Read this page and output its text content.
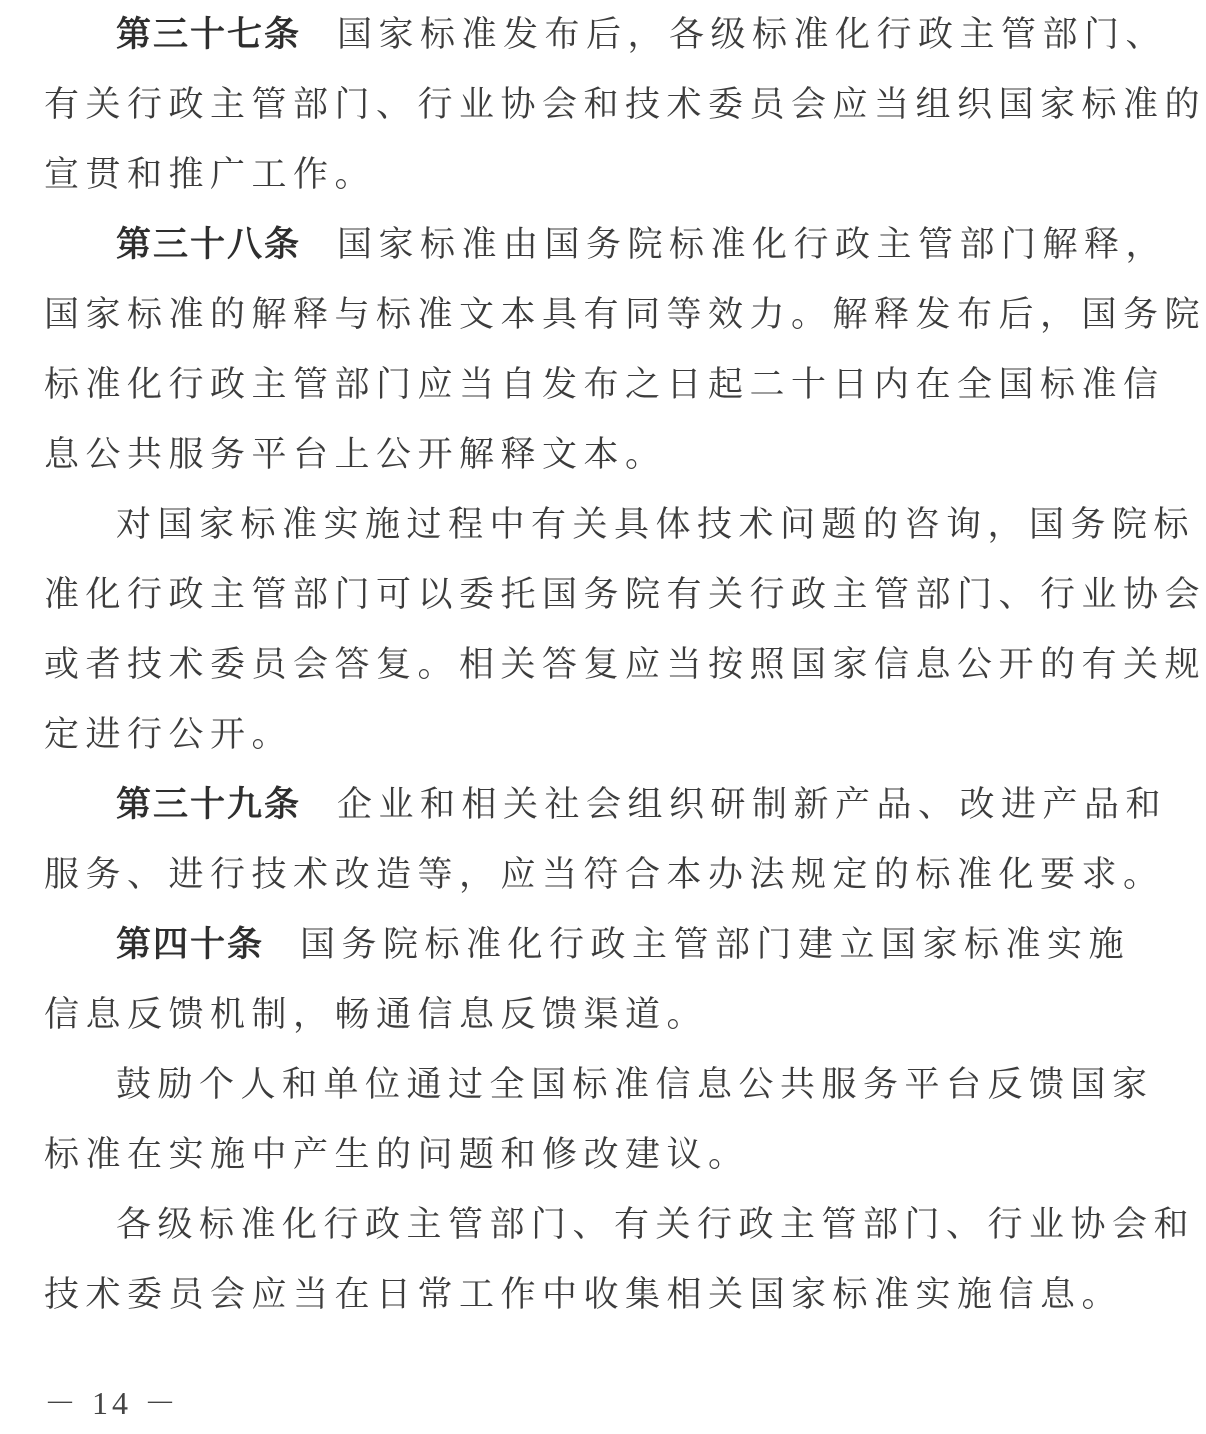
第三十七条 国家标准发布后，各级标准化行政主管部门、
有关行政主管部门、行业协会和技术委员会应当组织国家标准的
宣贯和推广工作。
第三十八条 国家标准由国务院标准化行政主管部门解释，
国家标准的解释与标准文本具有同等效力。解释发布后，国务院
标准化行政主管部门应当自发布之日起二十日内在全国标准信
息公共服务平台上公开解释文本。
对国家标准实施过程中有关具体技术问题的咨询，国务院标
准化行政主管部门可以委托国务院有关行政主管部门、行业协会
或者技术委员会答复。相关答复应当按照国家信息公开的有关规
定进行公开。
第三十九条 企业和相关社会组织研制新产品、改进产品和
服务、进行技术改造等，应当符合本办法规定的标准化要求。
第四十条 国务院标准化行政主管部门建立国家标准实施
信息反馈机制，畅通信息反馈渠道。
鼓励个人和单位通过全国标准信息公共服务平台反馈国家
标准在实施中产生的问题和修改建议。
各级标准化行政主管部门、有关行政主管部门、行业协会和
技术委员会应当在日常工作中收集相关国家标准实施信息。
－ 14 －
